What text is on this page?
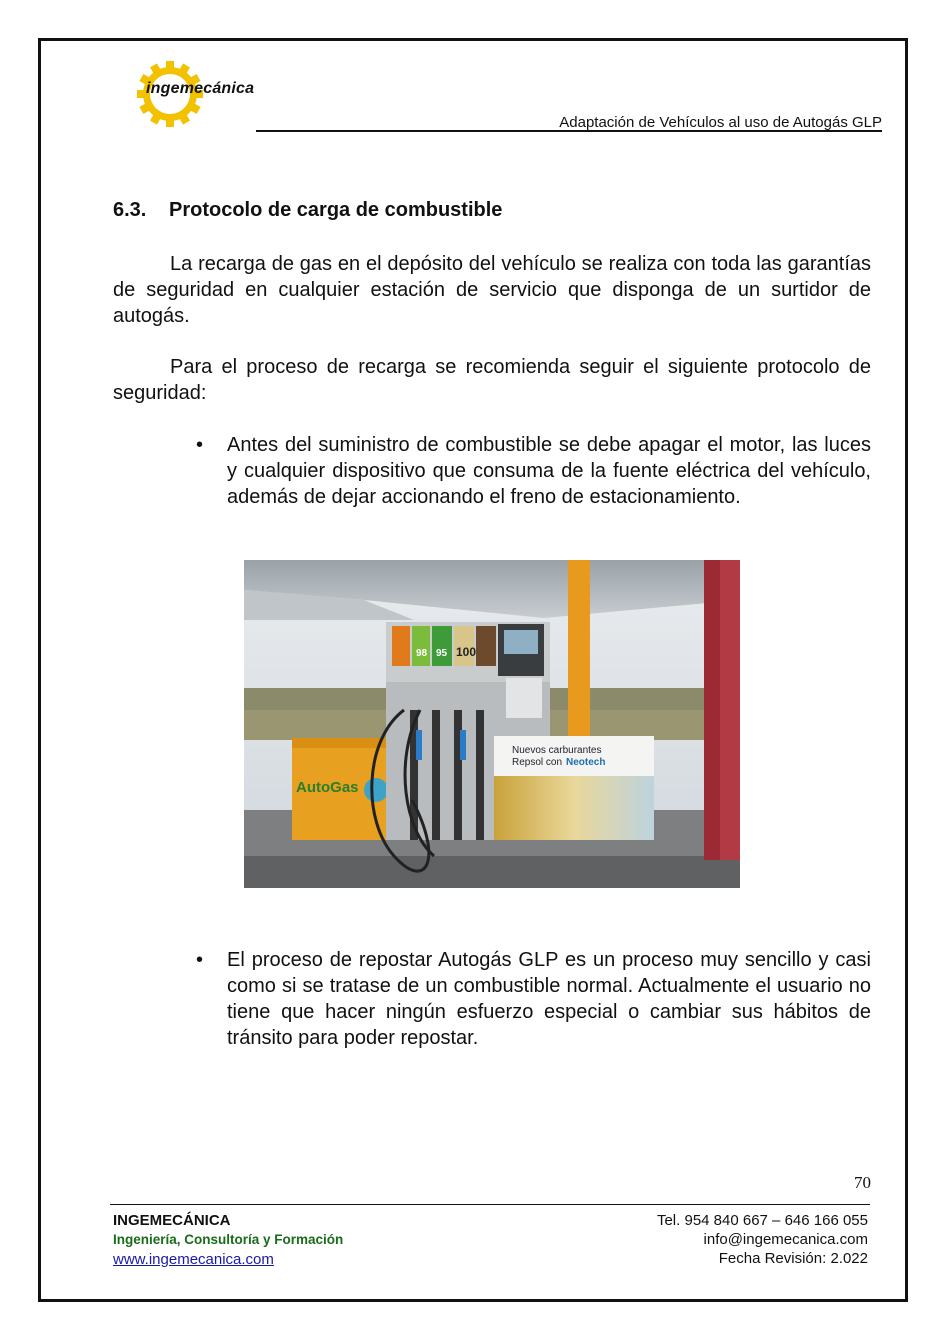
ingemecánica
Adaptación de Vehículos al uso de Autogás GLP
6.3. Protocolo de carga de combustible
La recarga de gas en el depósito del vehículo se realiza con toda las garantías de seguridad en cualquier estación de servicio que disponga de un surtidor de autogás.
Para el proceso de recarga se recomienda seguir el siguiente protocolo de seguridad:
•	Antes del suministro de combustible se debe apagar el motor, las luces y cualquier dispositivo que consuma de la fuente eléctrica del vehículo, además de dejar accionando el freno de estacionamiento.
AutoGas
98 95 100
Nuevos carburantes
Repsol con Neotech
•	El proceso de repostar Autogás GLP es un proceso muy sencillo y casi como si se tratase de un combustible normal. Actualmente el usuario no tiene que hacer ningún esfuerzo especial o cambiar sus hábitos de tránsito para poder repostar.
70
INGEMECÁNICA
Ingeniería, Consultoría y Formación
www.ingemecanica.com
Tel. 954 840 667 – 646 166 055
info@ingemecanica.com
Fecha Revisión: 2.022
